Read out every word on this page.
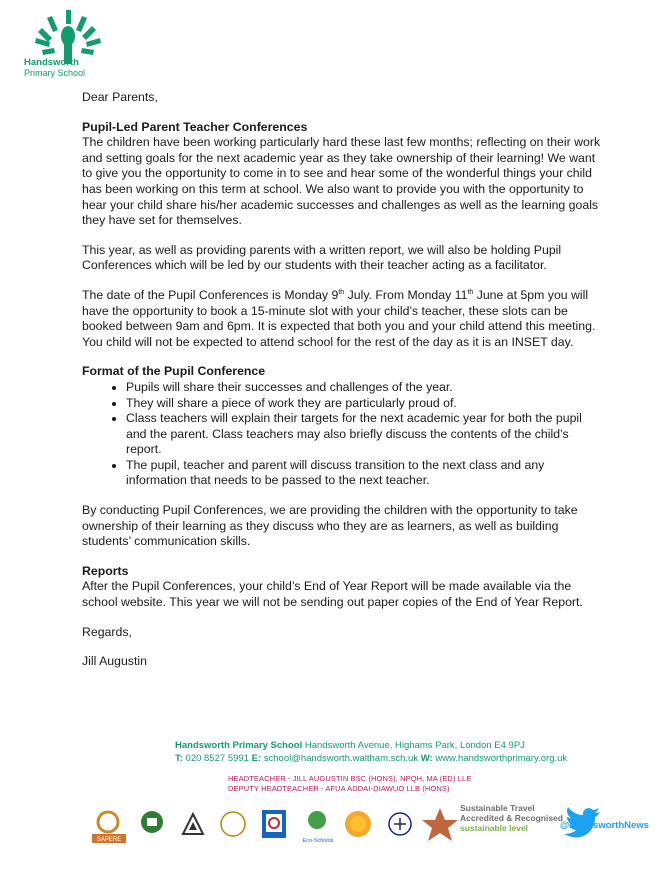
Handsworth
Primary School

Dear Parents,

Pupil-Led Parent Teacher Conferences

The children have been working particularly hard these last few months; reflecting on their work and setting goals for the next academic year as they take ownership of their learning! We want to give you the opportunity to come in to see and hear some of the wonderful things your child has been working on this term at school. We also want to provide you with the opportunity to hear your child share his/her academic successes and challenges as well as the learning goals they have set for themselves.

This year, as well as providing parents with a written report, we will also be holding Pupil Conferences which will be led by our students with their teacher acting as a facilitator.

The date of the Pupil Conferences is Monday 9th July. From Monday 11th June at 5pm you will have the opportunity to book a 15-minute slot with your child’s teacher, these slots can be booked between 9am and 6pm. It is expected that both you and your child attend this meeting. You child will not be expected to attend school for the rest of the day as it is an INSET day.

Format of the Pupil Conference

• Pupils will share their successes and challenges of the year.
• They will share a piece of work they are particularly proud of.
• Class teachers will explain their targets for the next academic year for both the pupil and the parent. Class teachers may also briefly discuss the contents of the child’s report.
• The pupil, teacher and parent will discuss transition to the next class and any information that needs to be passed to the next teacher.

By conducting Pupil Conferences, we are providing the children with the opportunity to take ownership of their learning as they discuss who they are as learners, as well as building students’ communication skills.

Reports

After the Pupil Conferences, your child’s End of Year Report will be made available via the school website. This year we will not be sending out paper copies of the End of Year Report.

Regards,

Jill Augustin

Handsworth Primary School Handsworth Avenue, Highams Park, London E4 9PJ
T: 020 8527 5991 E: school@handsworth.waltham.sch.uk W: www.handsworthprimary.org.uk
HEADTEACHER - JILL AUGUSTIN BSC (HONS), NPQH, MA (ED) LLE
DEPUTY HEADTEACHER - AFUA ADDAI-DIAWUO LLB (HONS)
SAPERE	Eco-Schools
Sustainable Travel
Accredited & Recognised
sustainable level	@HandsworthNews
